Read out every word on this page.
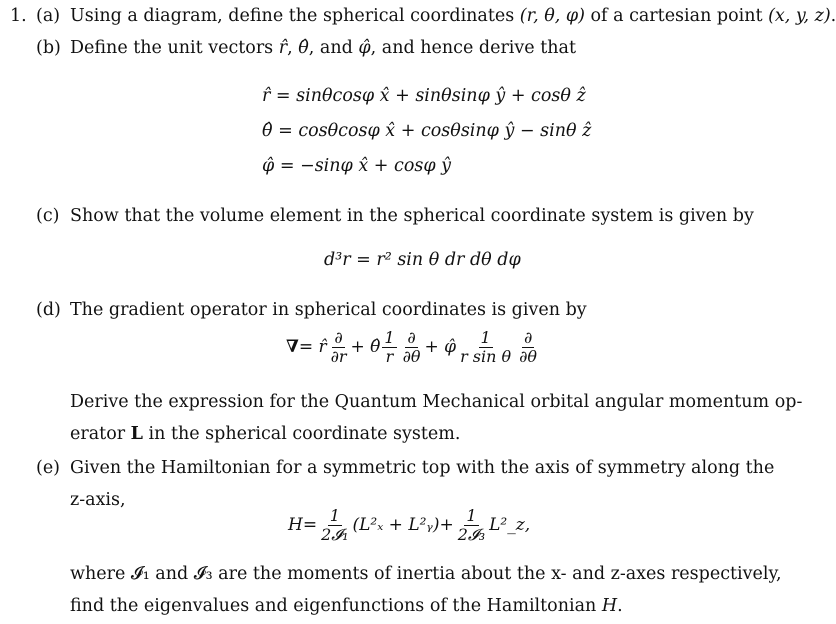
1. (a) Using a diagram, define the spherical coordinates (r, θ, φ) of a cartesian point (x, y, z).
(b) Define the unit vectors r̂, θ̂, and φ̂, and hence derive that
r̂ = sinθcosφ x̂ + sinθsinφ ŷ + cosθ ẑ
θ̂ = cosθcosφ x̂ + cosθsinφ ŷ − sinθ ẑ
φ̂ = −sinφ x̂ + cosφ ŷ
(c) Show that the volume element in the spherical coordinate system is given by
d³r = r² sin θ dr dθ dφ
(d) The gradient operator in spherical coordinates is given by
∇ = r̂ $\frac{\partial}{\partial r}$ + θ̂ $\frac{1}{r} \frac{\partial}{\partial\theta}$ + φ̂ $\frac{1}{\text{r sin θ}} \frac{\partial}{\partial\theta}$
Derive the expression for the Quantum Mechanical orbital angular momentum op-
erator L in the spherical coordinate system.
(e) Given the Hamiltonian for a symmetric top with the axis of symmetry along the
z-axis,
$H = \frac{1}{\text{2𝓘₁}} (L^2_x$ + L²ᵧ) + $\frac{1}{\text{2𝓘₃}}$ L²_z,
where 𝓘₁ and 𝓘₃ are the moments of inertia about the x- and z-axes respectively,
find the eigenvalues and eigenfunctions of the Hamiltonian H.
